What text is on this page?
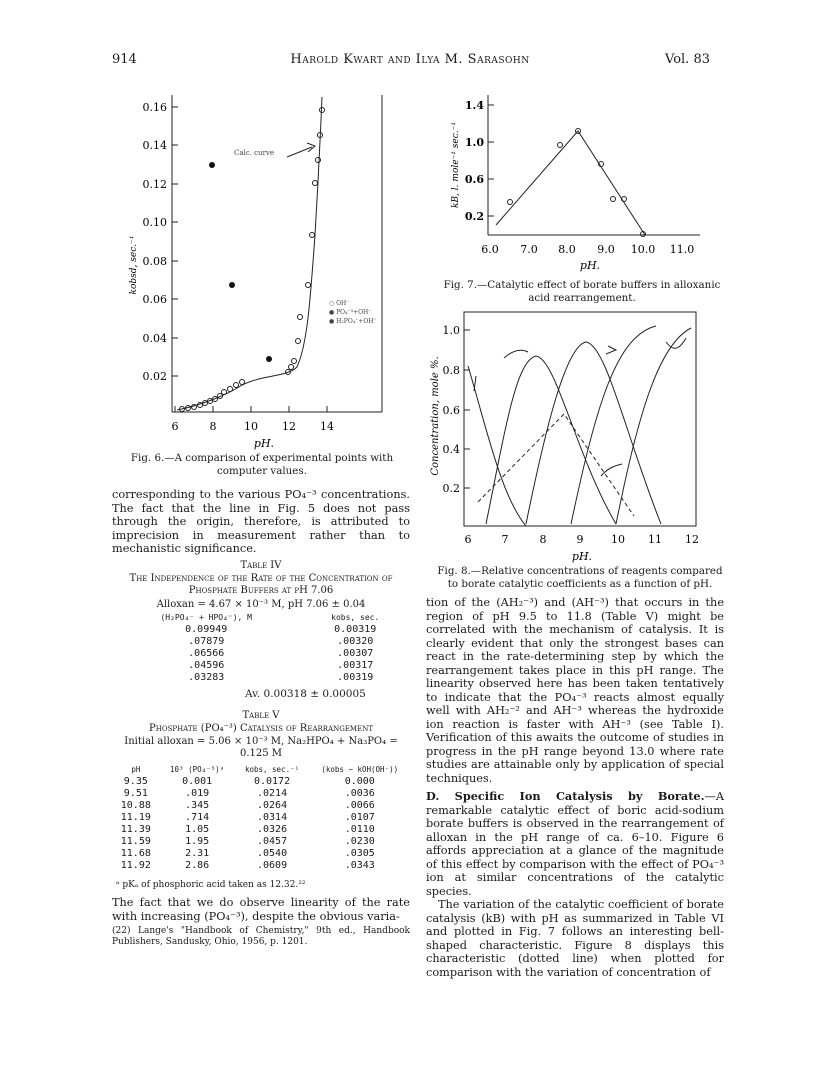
914	Harold Kwart and Ilya M. Sarasohn	Vol. 83
Calc. curve
○ OH⁻
● PO₄⁻³+OH⁻
● H₂PO₄⁻+OH⁻
0.16
0.14
0.12
0.10
0.08
0.06
0.04
0.02
6	8	10 12 14
pH.
kobsd, sec.⁻¹
Fig. 6.—A comparison of experimental points with computer values.
corresponding to the various PO₄⁻³ concentrations. The fact that the line in Fig. 5 does not pass through the origin, therefore, is attributed to imprecision in measurement rather than to mechanistic significance.
Table IV
The Independence of the Rate of the Concentration of Phosphate Buffers at pH 7.06
Alloxan = 4.67 × 10⁻³ M, pH 7.06 ± 0.04
(H₂PO₄⁻ + HPO₄⁼), M	kobs, sec.
0.09949	0.00319
.07879	.00320
.06566	.00307
.04596	.00317
.03283	.00319
Av. 0.00318 ± 0.00005
Table V
Phosphate (PO₄⁻³) Catalysis of Rearrangement
Initial alloxan = 5.06 × 10⁻³ M, Na₂HPO₄ + Na₃PO₄ = 0.125 M
pH	10³ (PO₄⁻³)ᵃ	kobs, sec.⁻¹	(kobs − kOH(OH⁻))
9.35	0.001	0.0172	0.000
9.51	.019	.0214	.0036
10.88	.345	.0264	.0066
11.19	.714	.0314	.0107
11.39	1.05	.0326	.0110
11.59	1.95	.0457	.0230
11.68	2.31	.0540	.0305
11.92	2.86	.0609	.0343
ᵃ pKₐ of phosphoric acid taken as 12.32.²²
The fact that we do observe linearity of the rate with increasing (PO₄⁻³), despite the obvious varia-
(22) Lange's "Handbook of Chemistry," 9th ed., Handbook Publishers, Sandusky, Ohio, 1956, p. 1201.
1.4
1.0
0.6
0.2
6.0 7.0 8.0 9.0 10.0 11.0
pH.
kB, l. mole⁻¹ sec.⁻¹
Fig. 7.—Catalytic effect of borate buffers in alloxanic acid rearrangement.
1.0
0.8
0.6
0.4
0.2
6	7	8	9	10 11 12
pH.
Concentration, mole %.
Fig. 8.—Relative concentrations of reagents compared to borate catalytic coefficients as a function of pH.
tion of the (AH₂⁻³) and (AH⁻³) that occurs in the region of pH 9.5 to 11.8 (Table V) might be correlated with the mechanism of catalysis. It is clearly evident that only the strongest bases can react in the rate-determining step by which the rearrangement takes place in this pH range. The linearity observed here has been taken tentatively to indicate that the PO₄⁻³ reacts almost equally well with AH₂⁻² and AH⁻³ whereas the hydroxide ion reaction is faster with AH⁻³ (see Table I). Verification of this awaits the outcome of studies in progress in the pH range beyond 13.0 where rate studies are attainable only by application of special techniques.
D. Specific Ion Catalysis by Borate.—A remarkable catalytic effect of boric acid-sodium borate buffers is observed in the rearrangement of alloxan in the pH range of ca. 6–10. Figure 6 affords appreciation at a glance of the magnitude of this effect by comparison with the effect of PO₄⁻³ ion at similar concentrations of the catalytic species.
The variation of the catalytic coefficient of borate catalysis (kB) with pH as summarized in Table VI and plotted in Fig. 7 follows an interesting bell-shaped characteristic. Figure 8 displays this characteristic (dotted line) when plotted for comparison with the variation of concentration of
